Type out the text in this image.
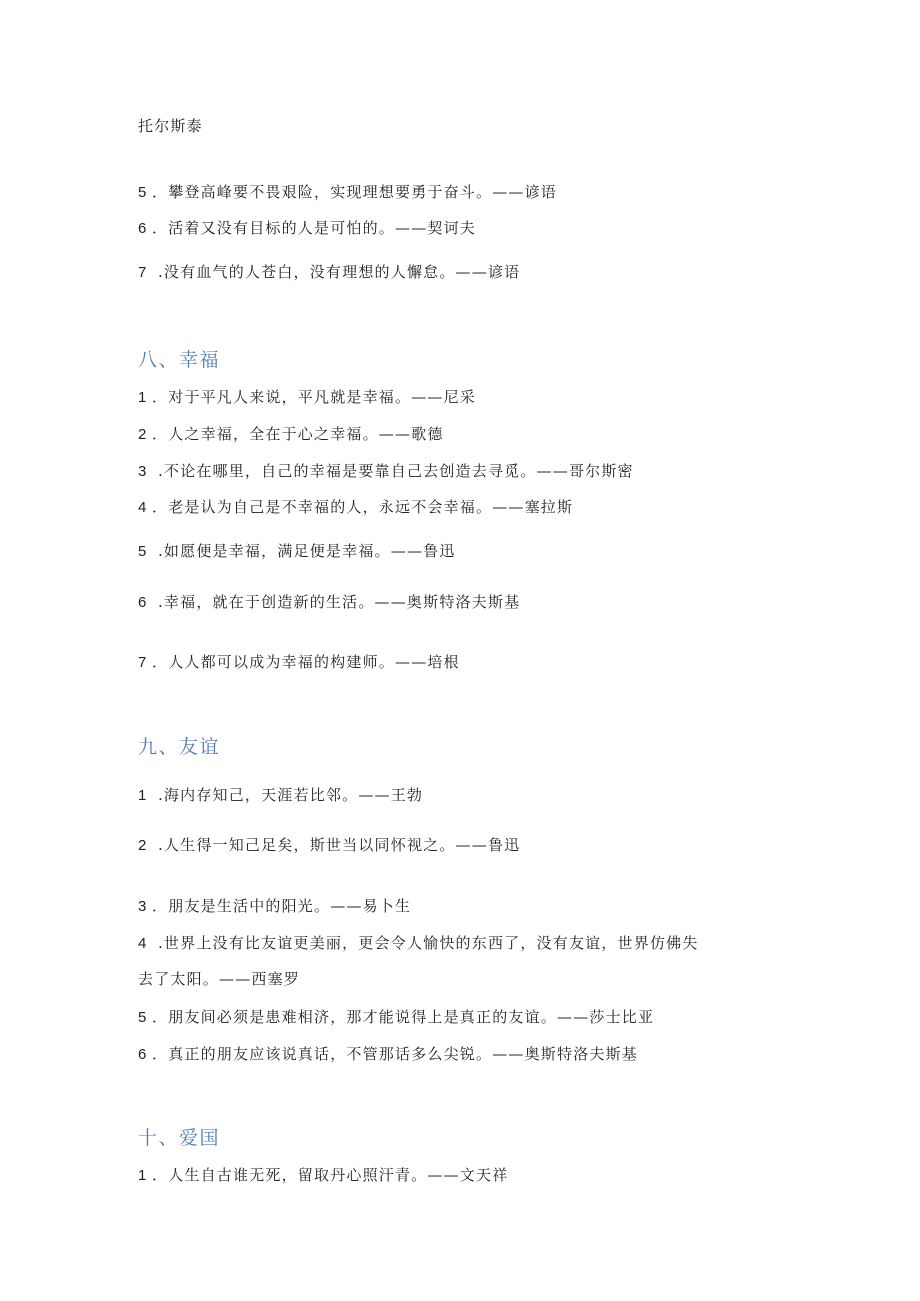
托尔斯泰
5 ．攀登高峰要不畏艰险，实现理想要勇于奋斗。——谚语
6 ．活着又没有目标的人是可怕的。——契诃夫
7 .没有血气的人苍白，没有理想的人懈怠。——谚语
八、幸福
1 ．对于平凡人来说，平凡就是幸福。——尼采
2 ．人之幸福，全在于心之幸福。——歌德
3 .不论在哪里，自己的幸福是要靠自己去创造去寻觅。——哥尔斯密
4 ．老是认为自己是不幸福的人，永远不会幸福。——塞拉斯
5 .如愿便是幸福，满足便是幸福。——鲁迅
6 .幸福，就在于创造新的生活。——奥斯特洛夫斯基
7 ．人人都可以成为幸福的构建师。——培根
九、友谊
1 .海内存知己，天涯若比邻。——王勃
2 .人生得一知己足矣，斯世当以同怀视之。——鲁迅
3 ．朋友是生活中的阳光。——易卜生
4 .世界上没有比友谊更美丽，更会令人愉快的东西了，没有友谊，世界仿佛失
去了太阳。——西塞罗
5 ．朋友间必须是患难相济，那才能说得上是真正的友谊。——莎士比亚
6 ．真正的朋友应该说真话，不管那话多么尖锐。——奥斯特洛夫斯基
十、爱国
1 ．人生自古谁无死，留取丹心照汗青。——文天祥
